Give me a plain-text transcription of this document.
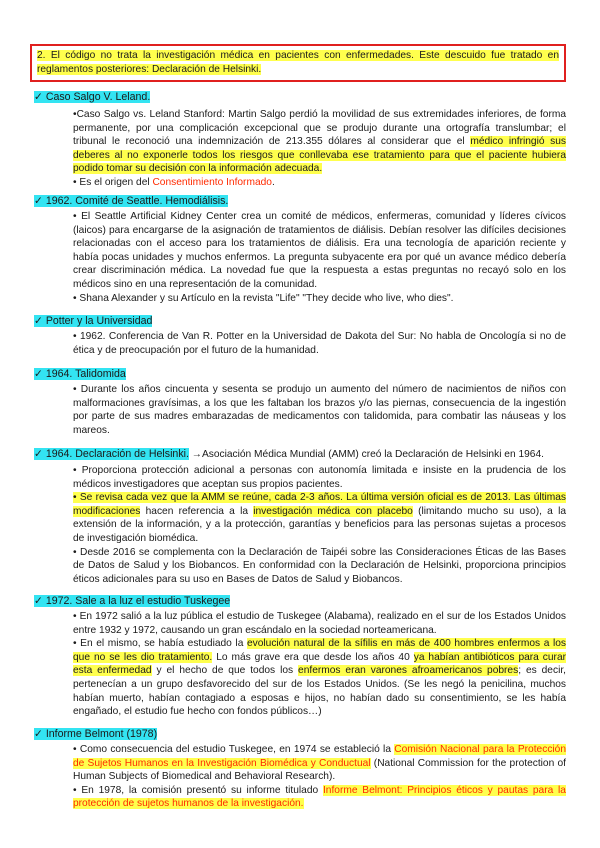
2. El código no trata la investigación médica en pacientes con enfermedades. Este descuido fue tratado en reglamentos posteriores: Declaración de Helsinki.
✓ Caso Salgo V. Leland.

•Caso Salgo vs. Leland Stanford: Martin Salgo perdió la movilidad de sus extremidades inferiores, de forma permanente, por una complicación excepcional que se produjo durante una ortografía translumbar; el tribunal le reconoció una indemnización de 213.355 dólares al considerar que el médico infringió sus deberes al no exponerle todos los riesgos que conllevaba ese tratamiento para que el paciente hubiera podido tomar su decisión con la información adecuada.

• Es el origen del Consentimiento Informado.

✓ 1962. Comité de Seattle. Hemodiálisis.

• El Seattle Artificial Kidney Center crea un comité de médicos, enfermeras, comunidad y líderes cívicos (laicos) para encargarse de la asignación de tratamientos de diálisis. Debían resolver las difíciles decisiones relacionadas con el acceso para los tratamientos de diálisis. Era una tecnología de aparición reciente y había pocas unidades y muchos enfermos. La pregunta subyacente era por qué un avance médico debería crear discriminación médica. La novedad fue que la respuesta a estas preguntas no recayó solo en los médicos sino en una representación de la comunidad.

• Shana Alexander y su Artículo en la revista "Life" "They decide who live, who dies".

✓ Potter y la Universidad

• 1962. Conferencia de Van R. Potter en la Universidad de Dakota del Sur: No habla de Oncología si no de ética y de preocupación por el futuro de la humanidad.

✓ 1964. Talidomida

• Durante los años cincuenta y sesenta se produjo un aumento del número de nacimientos de niños con malformaciones gravísimas, a los que les faltaban los brazos y/o las piernas, consecuencia de la ingestión por parte de sus madres embarazadas de medicamentos con talidomida, para combatir las náuseas y los mareos.

✓ 1964. Declaración de Helsinki. →Asociación Médica Mundial (AMM) creó la Declaración de Helsinki en 1964.

• Proporciona protección adicional a personas con autonomía limitada e insiste en la prudencia de los médicos investigadores que aceptan sus propios pacientes.

• Se revisa cada vez que la AMM se reúne, cada 2-3 años. La última versión oficial es de 2013. Las últimas modificaciones hacen referencia a la investigación médica con placebo (limitando mucho su uso), a la extensión de la información, y a la protección, garantías y beneficios para las personas sujetas a procesos de investigación biomédica.

• Desde 2016 se complementa con la Declaración de Taipéi sobre las Consideraciones Éticas de las Bases de Datos de Salud y los Biobancos. En conformidad con la Declaración de Helsinki, proporciona principios éticos adicionales para su uso en Bases de Datos de Salud y Biobancos.

✓ 1972. Sale a la luz el estudio Tuskegee

• En 1972 salió a la luz pública el estudio de Tuskegee (Alabama), realizado en el sur de los Estados Unidos entre 1932 y 1972, causando un gran escándalo en la sociedad norteamericana.

• En el mismo, se había estudiado la evolución natural de la sífilis en más de 400 hombres enfermos a los que no se les dio tratamiento. Lo más grave era que desde los años 40 ya habían antibióticos para curar esta enfermedad y el hecho de que todos los enfermos eran varones afroamericanos pobres; es decir, pertenecían a un grupo desfavorecido del sur de los Estados Unidos. (Se les negó la penicilina, muchos habían muerto, habían contagiado a esposas e hijos, no habían dado su consentimiento, se les había engañado, el estudio fue hecho con fondos públicos…)

✓ Informe Belmont (1978)

• Como consecuencia del estudio Tuskegee, en 1974 se estableció la Comisión Nacional para la Protección de Sujetos Humanos en la Investigación Biomédica y Conductual (National Commission for the protection of Human Subjects of Biomedical and Behavioral Research).

• En 1978, la comisión presentó su informe titulado Informe Belmont: Principios éticos y pautas para la protección de sujetos humanos de la investigación.
